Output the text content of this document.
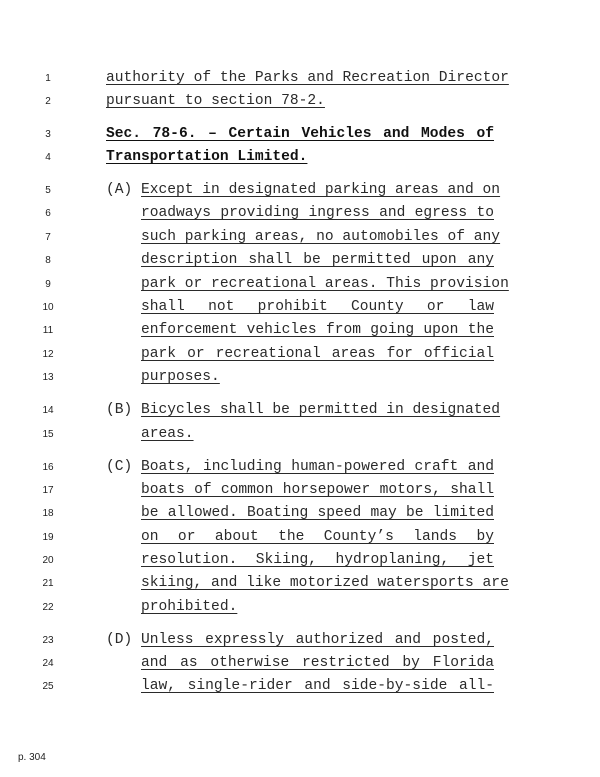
1
2
3
4
5
6
7
8
9
10
11
12
13
14
15
16
17
18
19
20
21
22
23
24
25
authority of the Parks and Recreation Director
pursuant to section 78-2.
Sec. 78-6. – Certain Vehicles and Modes of
Transportation Limited.
(A) Except in designated parking areas and on
roadways providing ingress and egress to
such parking areas, no automobiles of any
description shall be permitted upon any
park or recreational areas. This provision
shall not prohibit County or law
enforcement vehicles from going upon the
park or recreational areas for official
purposes.
(B) Bicycles shall be permitted in designated
areas.
(C) Boats, including human-powered craft and
boats of common horsepower motors, shall
be allowed. Boating speed may be limited
on or about the County’s lands by
resolution. Skiing, hydroplaning, jet
skiing, and like motorized watersports are
prohibited.
(D) Unless expressly authorized and posted,
and as otherwise restricted by Florida
law, single-rider and side-by-side all-
p. 304
